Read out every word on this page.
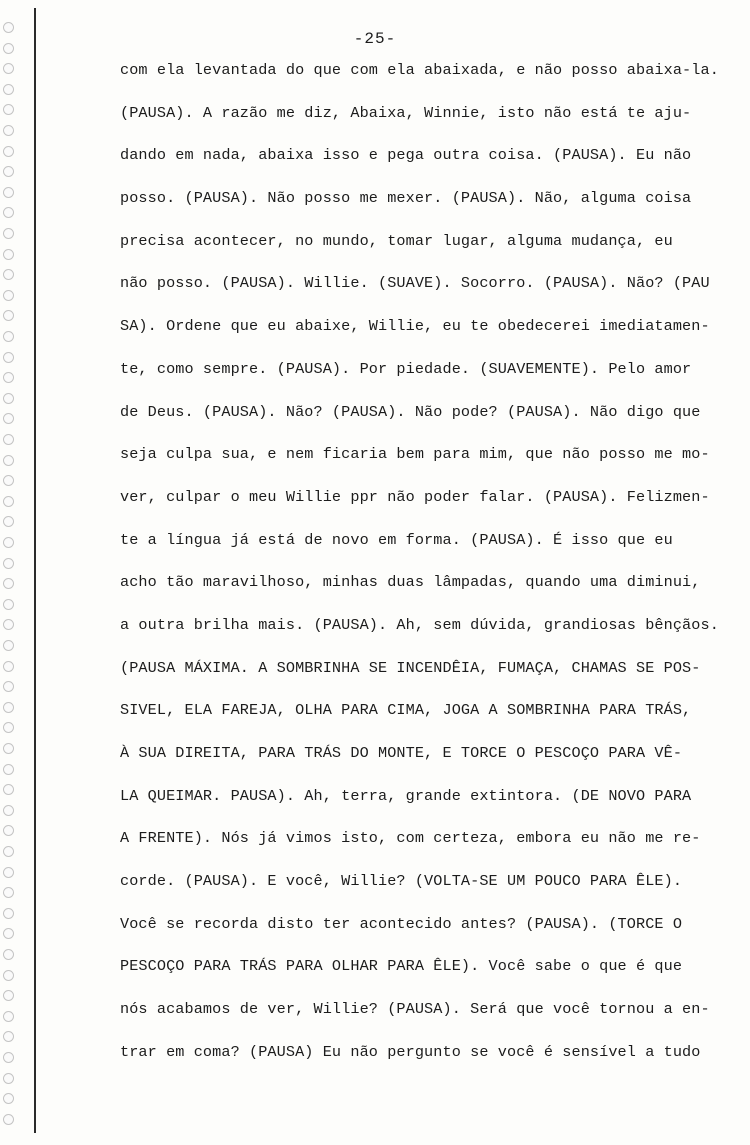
-25-
com ela levantada do que com ela abaixada, e não posso abaixa-la.
(PAUSA). A razão me diz, Abaixa, Winnie, isto não está te aju-
dando em nada, abaixa isso e pega outra coisa. (PAUSA). Eu não
posso. (PAUSA). Não posso me mexer. (PAUSA). Não, alguma coisa
precisa acontecer, no mundo, tomar lugar, alguma mudança, eu
não posso. (PAUSA). Willie. (SUAVE). Socorro. (PAUSA). Não? (PAU
SA). Ordene que eu abaixe, Willie, eu te obedecerei imediatamen-
te, como sempre. (PAUSA). Por piedade. (SUAVEMENTE). Pelo amor
de Deus. (PAUSA). Não? (PAUSA). Não pode? (PAUSA). Não digo que
seja culpa sua, e nem ficaria bem para mim, que não posso me mo-
ver, culpar o meu Willie ppr não poder falar. (PAUSA). Felizmen-
te a língua já está de novo em forma. (PAUSA). É isso que eu
acho tão maravilhoso, minhas duas lâmpadas, quando uma diminui,
a outra brilha mais. (PAUSA). Ah, sem dúvida, grandiosas bênçãos.
(PAUSA MÁXIMA. A SOMBRINHA SE INCENDÊIA, FUMAÇA, CHAMAS SE POS-
SIVEL, ELA FAREJA, OLHA PARA CIMA, JOGA A SOMBRINHA PARA TRÁS,
À SUA DIREITA, PARA TRÁS DO MONTE, E TORCE O PESCOÇO PARA VÊ-
LA QUEIMAR. PAUSA). Ah, terra, grande extintora. (DE NOVO PARA
A FRENTE). Nós já vimos isto, com certeza, embora eu não me re-
corde. (PAUSA). E você, Willie? (VOLTA-SE UM POUCO PARA ÊLE).
Você se recorda disto ter acontecido antes? (PAUSA). (TORCE O
PESCOÇO PARA TRÁS PARA OLHAR PARA ÊLE). Você sabe o que é que
nós acabamos de ver, Willie? (PAUSA). Será que você tornou a en-
trar em coma? (PAUSA) Eu não pergunto se você é sensível a tudo
